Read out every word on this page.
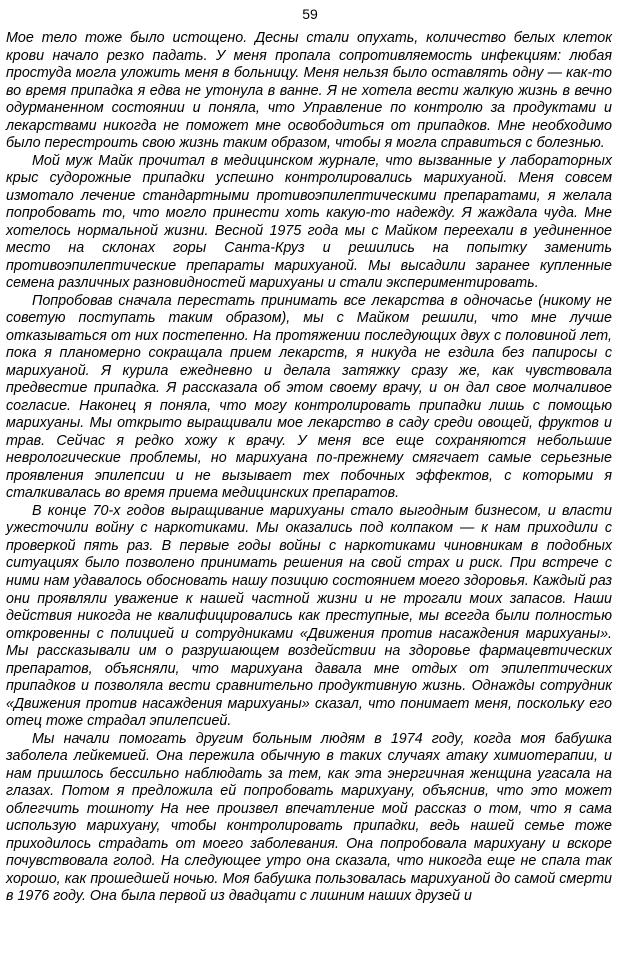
59

Мое тело тоже было истощено. Десны стали опухать, количество белых клеток крови начало резко падать. У меня пропала сопротивляемость инфекциям: любая простуда могла уложить меня в больницу. Меня нельзя было оставлять одну — как-то во время припадка я едва не утонула в ванне. Я не хотела вести жалкую жизнь в вечно одурманенном состоянии и поняла, что Управление по контролю за продуктами и лекарствами никогда не поможет мне освободиться от припадков. Мне необходимо было перестроить свою жизнь таким образом, чтобы я могла справиться с болезнью.

Мой муж Майк прочитал в медицинском журнале, что вызванные у лабораторных крыс судорожные припадки успешно контролировались марихуаной. Меня совсем измотало лечение стандартными противоэпилептическими препаратами, я желала попробовать то, что могло принести хоть какую-то надежду. Я жаждала чуда. Мне хотелось нормальной жизни. Весной 1975 года мы с Майком переехали в уединенное место на склонах горы Санта-Круз и решились на попытку заменить противоэпилептические препараты марихуаной. Мы высадили заранее купленные семена различных разновидностей марихуаны и стали экспериментировать.

Попробовав сначала перестать принимать все лекарства в одночасье (никому не советую поступать таким образом), мы с Майком решили, что мне лучше отказываться от них постепенно. На протяжении последующих двух с половиной лет, пока я планомерно сокращала прием лекарств, я никуда не ездила без папиросы с марихуаной. Я курила ежедневно и делала затяжку сразу же, как чувствовала предвестие припадка. Я рассказала об этом своему врачу, и он дал свое молчаливое согласие. Наконец я поняла, что могу контролировать припадки лишь с помощью марихуаны. Мы открыто выращивали мое лекарство в саду среди овощей, фруктов и трав. Сейчас я редко хожу к врачу. У меня все еще сохраняются небольшие неврологические проблемы, но марихуана по-прежнему смягчает самые серьезные проявления эпилепсии и не вызывает тех побочных эффектов, с которыми я сталкивалась во время приема медицинских препаратов.

В конце 70-х годов выращивание марихуаны стало выгодным бизнесом, и власти ужесточили войну с наркотиками. Мы оказались под колпаком — к нам приходили с проверкой пять раз. В первые годы войны с наркотиками чиновникам в подобных ситуациях было позволено принимать решения на свой страх и риск. При встрече с ними нам удавалось обосновать нашу позицию состоянием моего здоровья. Каждый раз они проявляли уважение к нашей частной жизни и не трогали моих запасов. Наши действия никогда не квалифицировались как преступные, мы всегда были полностью откровенны с полицией и сотрудниками «Движения против насаждения марихуаны». Мы рассказывали им о разрушающем воздействии на здоровье фармацевтических препаратов, объясняли, что марихуана давала мне отдых от эпилептических припадков и позволяла вести сравнительно продуктивную жизнь. Однажды сотрудник «Движения против насаждения марихуаны» сказал, что понимает меня, поскольку его отец тоже страдал эпилепсией.

Мы начали помогать другим больным людям в 1974 году, когда моя бабушка заболела лейкемией. Она пережила обычную в таких случаях атаку химиотерапии, и нам пришлось бессильно наблюдать за тем, как эта энергичная женщина угасала на глазах. Потом я предложила ей попробовать марихуану, объяснив, что это может облегчить тошноту На нее произвел впечатление мой рассказ о том, что я сама использую марихуану, чтобы контролировать припадки, ведь нашей семье тоже приходилось страдать от моего заболевания. Она попробовала марихуану и вскоре почувствовала голод. На следующее утро она сказала, что никогда еще не спала так хорошо, как прошедшей ночью. Моя бабушка пользовалась марихуаной до самой смерти в 1976 году. Она была первой из двадцати с лишним наших друзей и
